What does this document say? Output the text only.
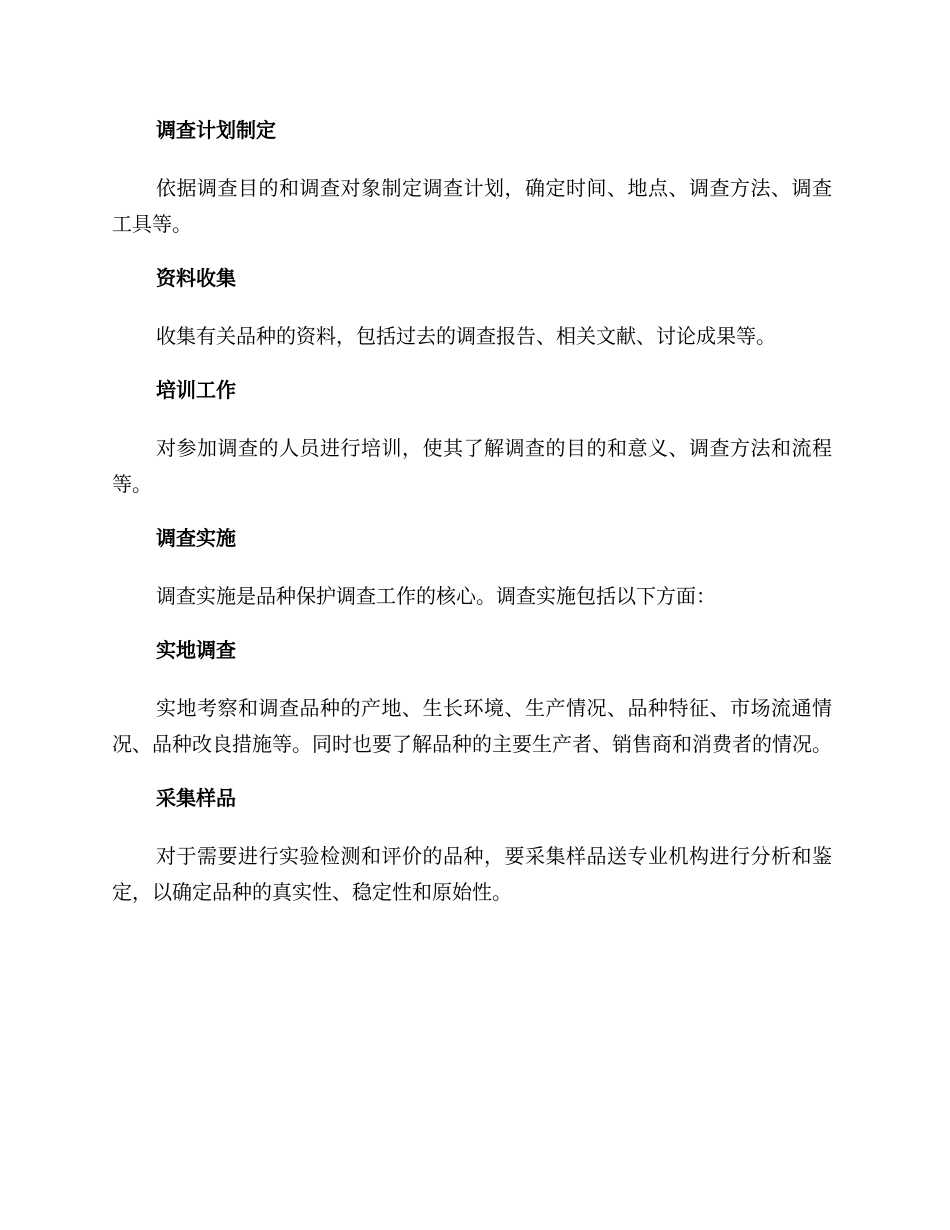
调查计划制定

依据调查目的和调查对象制定调查计划，确定时间、地点、调查方法、调查工具等。

资料收集

收集有关品种的资料，包括过去的调查报告、相关文献、讨论成果等。

培训工作

对参加调查的人员进行培训，使其了解调查的目的和意义、调查方法和流程等。

调查实施

调查实施是品种保护调查工作的核心。调查实施包括以下方面：

实地调查

实地考察和调查品种的产地、生长环境、生产情况、品种特征、市场流通情况、品种改良措施等。同时也要了解品种的主要生产者、销售商和消费者的情况。

采集样品

对于需要进行实验检测和评价的品种，要采集样品送专业机构进行分析和鉴定，以确定品种的真实性、稳定性和原始性。
